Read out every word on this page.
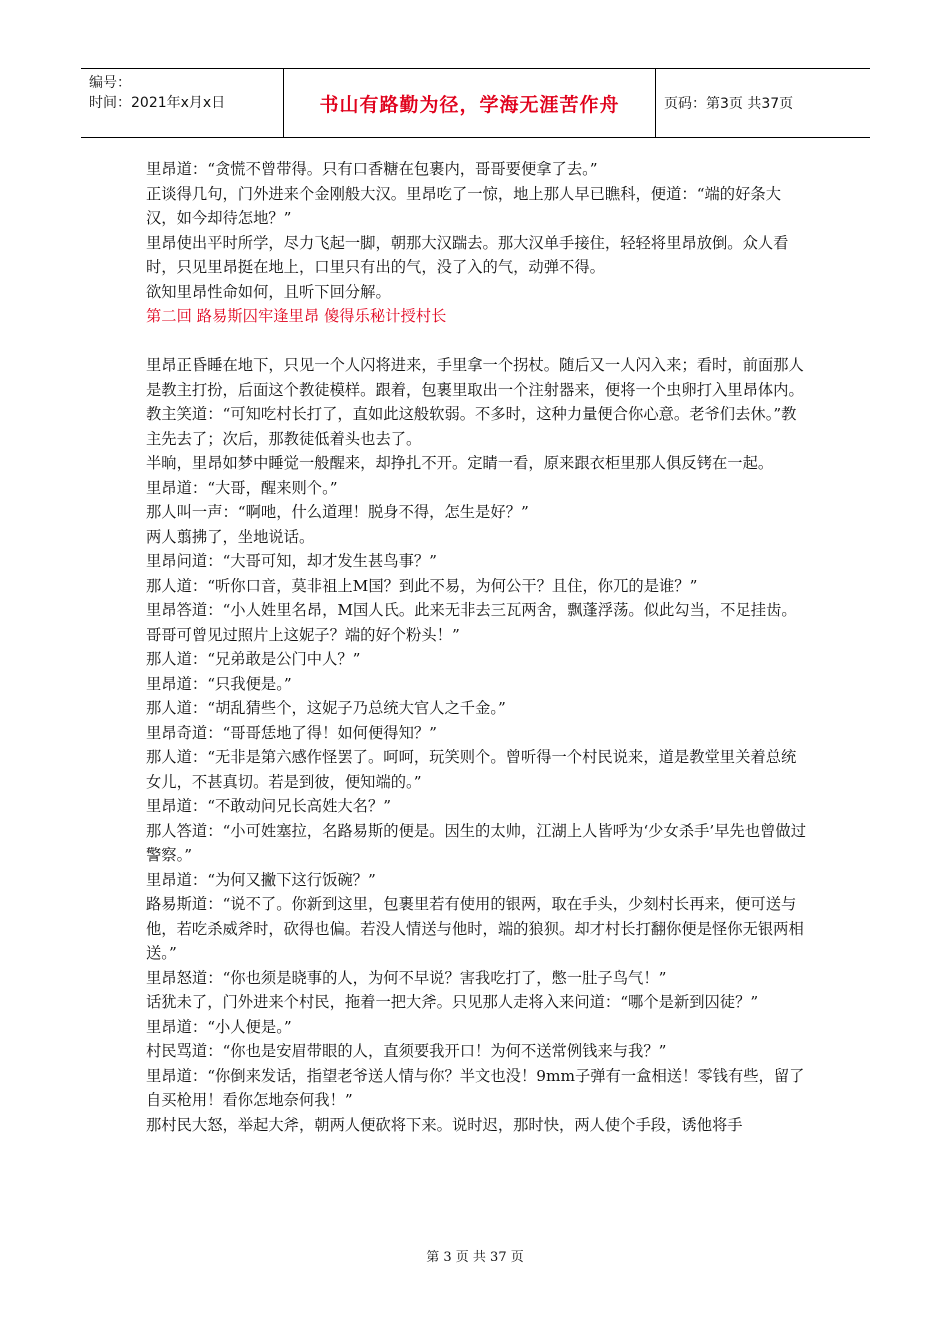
编号：
时间：2021年x月x日	书山有路勤为径，学海无涯苦作舟	页码：第3页 共37页

里昂道：“贪慌不曾带得。只有口香糖在包裹内，哥哥要便拿了去。”

正谈得几句，门外进来个金刚般大汉。里昂吃了一惊，地上那人早已瞧科，便道：“端的好条大汉，如今却待怎地？”

里昂使出平时所学，尽力飞起一脚，朝那大汉踹去。那大汉单手接住，轻轻将里昂放倒。众人看时，只见里昂挺在地上，口里只有出的气，没了入的气，动弹不得。

欲知里昂性命如何，且听下回分解。

第二回 路易斯囚牢逢里昂 傻得乐秘计授村长

里昂正昏睡在地下，只见一个人闪将进来，手里拿一个拐杖。随后又一人闪入来；看时，前面那人是教主打扮，后面这个教徒模样。跟着，包裹里取出一个注射器来，便将一个虫卵打入里昂体内。

教主笑道：“可知吃村长打了，直如此这般软弱。不多时，这种力量便合你心意。老爷们去休。”教主先去了；次后，那教徒低着头也去了。

半晌，里昂如梦中睡觉一般醒来，却挣扎不开。定睛一看，原来跟衣柜里那人俱反铐在一起。

里昂道：“大哥，醒来则个。”

那人叫一声：“啊吔，什么道理！脱身不得，怎生是好？”

两人翦拂了，坐地说话。

里昂问道：“大哥可知，却才发生甚鸟事？”

那人道：“听你口音，莫非祖上M国？到此不易，为何公干？且住，你兀的是谁？”

里昂答道：“小人姓里名昂，M国人氏。此来无非去三瓦两舍，飘蓬浮荡。似此勾当，不足挂齿。哥哥可曾见过照片上这妮子？端的好个粉头！”

那人道：“兄弟敢是公门中人？”

里昂道：“只我便是。”

那人道：“胡乱猜些个，这妮子乃总统大官人之千金。”

里昂奇道：“哥哥恁地了得！如何便得知？”

那人道：“无非是第六感作怪罢了。呵呵，玩笑则个。曾听得一个村民说来，道是教堂里关着总统女儿，不甚真切。若是到彼，便知端的。”

里昂道：“不敢动问兄长高姓大名？”

那人答道：“小可姓塞拉，名路易斯的便是。因生的太帅，江湖上人皆呼为‘少女杀手’早先也曾做过警察。”

里昂道：“为何又撇下这行饭碗？”

路易斯道：“说不了。你新到这里，包裹里若有使用的银两，取在手头，少刻村长再来，便可送与他，若吃杀威斧时，砍得也偏。若没人情送与他时，端的狼狈。却才村长打翻你便是怪你无银两相送。”

里昂怒道：“你也须是晓事的人，为何不早说？害我吃打了，憋一肚子鸟气！”

话犹未了，门外进来个村民，拖着一把大斧。只见那人走将入来问道：“哪个是新到囚徒？”

里昂道：“小人便是。”

村民骂道：“你也是安眉带眼的人，直须要我开口！为何不送常例钱来与我？”

里昂道：“你倒来发话，指望老爷送人情与你？半文也没！9mm子弹有一盒相送！零钱有些，留了自买枪用！看你怎地奈何我！”

那村民大怒，举起大斧，朝两人便砍将下来。说时迟，那时快，两人使个手段，诱他将手

第 3 页 共 37 页
